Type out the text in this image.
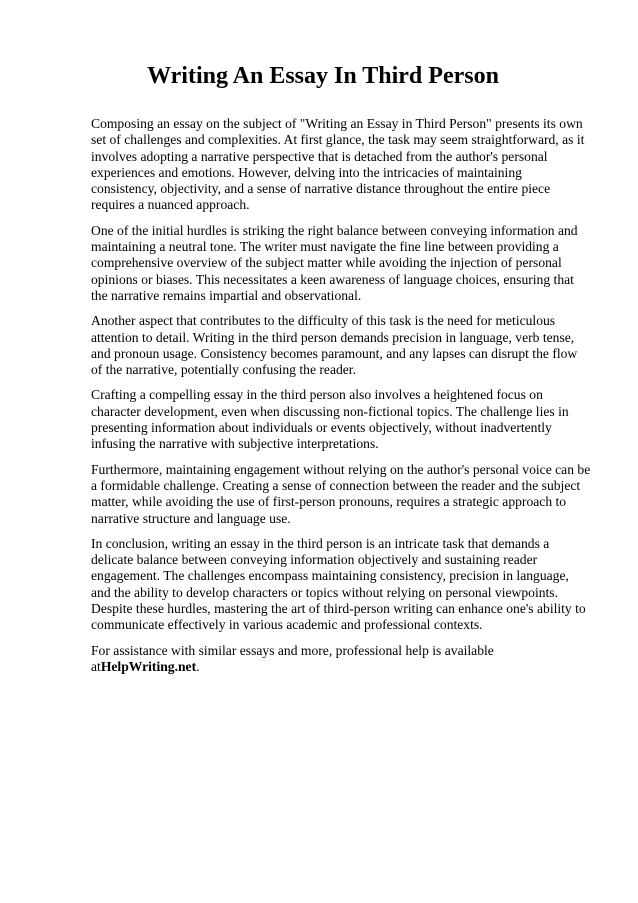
Writing An Essay In Third Person

Composing an essay on the subject of "Writing an Essay in Third Person" presents its own set of challenges and complexities. At first glance, the task may seem straightforward, as it involves adopting a narrative perspective that is detached from the author's personal experiences and emotions. However, delving into the intricacies of maintaining consistency, objectivity, and a sense of narrative distance throughout the entire piece requires a nuanced approach.

One of the initial hurdles is striking the right balance between conveying information and maintaining a neutral tone. The writer must navigate the fine line between providing a comprehensive overview of the subject matter while avoiding the injection of personal opinions or biases. This necessitates a keen awareness of language choices, ensuring that the narrative remains impartial and observational.

Another aspect that contributes to the difficulty of this task is the need for meticulous attention to detail. Writing in the third person demands precision in language, verb tense, and pronoun usage. Consistency becomes paramount, and any lapses can disrupt the flow of the narrative, potentially confusing the reader.

Crafting a compelling essay in the third person also involves a heightened focus on character development, even when discussing non-fictional topics. The challenge lies in presenting information about individuals or events objectively, without inadvertently infusing the narrative with subjective interpretations.

Furthermore, maintaining engagement without relying on the author's personal voice can be a formidable challenge. Creating a sense of connection between the reader and the subject matter, while avoiding the use of first-person pronouns, requires a strategic approach to narrative structure and language use.

In conclusion, writing an essay in the third person is an intricate task that demands a delicate balance between conveying information objectively and sustaining reader engagement. The challenges encompass maintaining consistency, precision in language, and the ability to develop characters or topics without relying on personal viewpoints. Despite these hurdles, mastering the art of third-person writing can enhance one's ability to communicate effectively in various academic and professional contexts.

For assistance with similar essays and more, professional help is available atHelpWriting.net.
